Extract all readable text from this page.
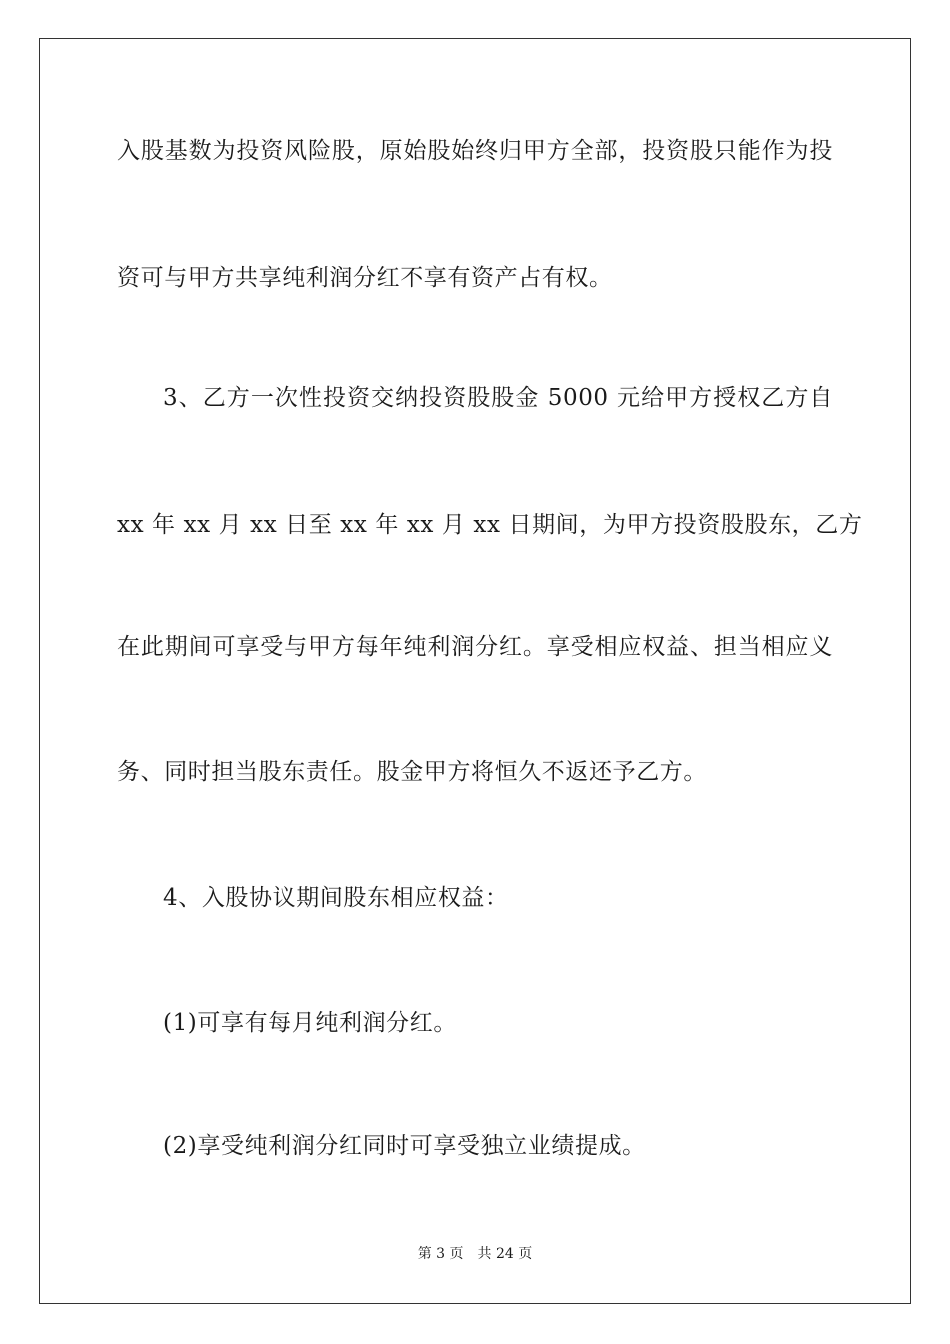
入股基数为投资风险股，原始股始终归甲方全部，投资股只能作为投
资可与甲方共享纯利润分红不享有资产占有权。
3、乙方一次性投资交纳投资股股金 5000 元给甲方授权乙方自
xx 年 xx 月 xx 日至 xx 年 xx 月 xx 日期间，为甲方投资股股东，乙方
在此期间可享受与甲方每年纯利润分红。享受相应权益、担当相应义
务、同时担当股东责任。股金甲方将恒久不返还予乙方。
4、入股协议期间股东相应权益：
(1)可享有每月纯利润分红。
(2)享受纯利润分红同时可享受独立业绩提成。
第 3 页 共 24 页
